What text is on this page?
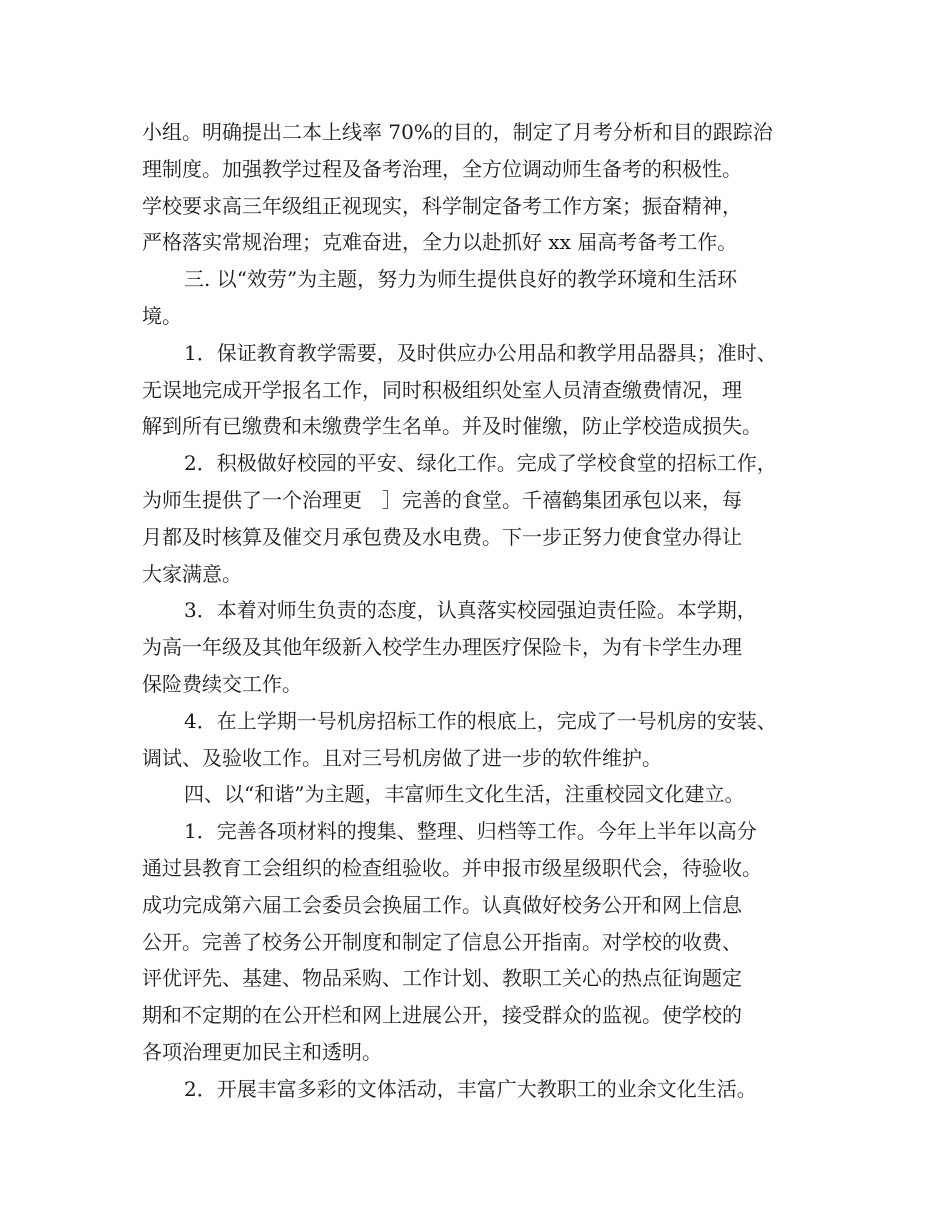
小组。明确提出二本上线率 70%的目的，制定了月考分析和目的跟踪治
理制度。加强教学过程及备考治理，全方位调动师生备考的积极性。
学校要求高三年级组正视现实，科学制定备考工作方案；振奋精神，
严格落实常规治理；克难奋进，全力以赴抓好 xx 届高考备考工作。
三. 以“效劳”为主题，努力为师生提供良好的教学环境和生活环
境。
1．保证教育教学需要，及时供应办公用品和教学用品器具；准时、
无误地完成开学报名工作，同时积极组织处室人员清查缴费情况，理
解到所有已缴费和未缴费学生名单。并及时催缴，防止学校造成损失。
2．积极做好校园的平安、绿化工作。完成了学校食堂的招标工作，
为师生提供了一个治理更　］完善的食堂。千禧鹤集团承包以来，每
月都及时核算及催交月承包费及水电费。下一步正努力使食堂办得让
大家满意。
3．本着对师生负责的态度，认真落实校园强迫责任险。本学期，
为高一年级及其他年级新入校学生办理医疗保险卡，为有卡学生办理
保险费续交工作。
4．在上学期一号机房招标工作的根底上，完成了一号机房的安装、
调试、及验收工作。且对三号机房做了进一步的软件维护。
四、以“和谐”为主题，丰富师生文化生活，注重校园文化建立。
1．完善各项材料的搜集、整理、归档等工作。今年上半年以高分
通过县教育工会组织的检查组验收。并申报市级星级职代会，待验收。
成功完成第六届工会委员会换届工作。认真做好校务公开和网上信息
公开。完善了校务公开制度和制定了信息公开指南。对学校的收费、
评优评先、基建、物品采购、工作计划、教职工关心的热点征询题定
期和不定期的在公开栏和网上进展公开，接受群众的监视。使学校的
各项治理更加民主和透明。
2．开展丰富多彩的文体活动，丰富广大教职工的业余文化生活。
